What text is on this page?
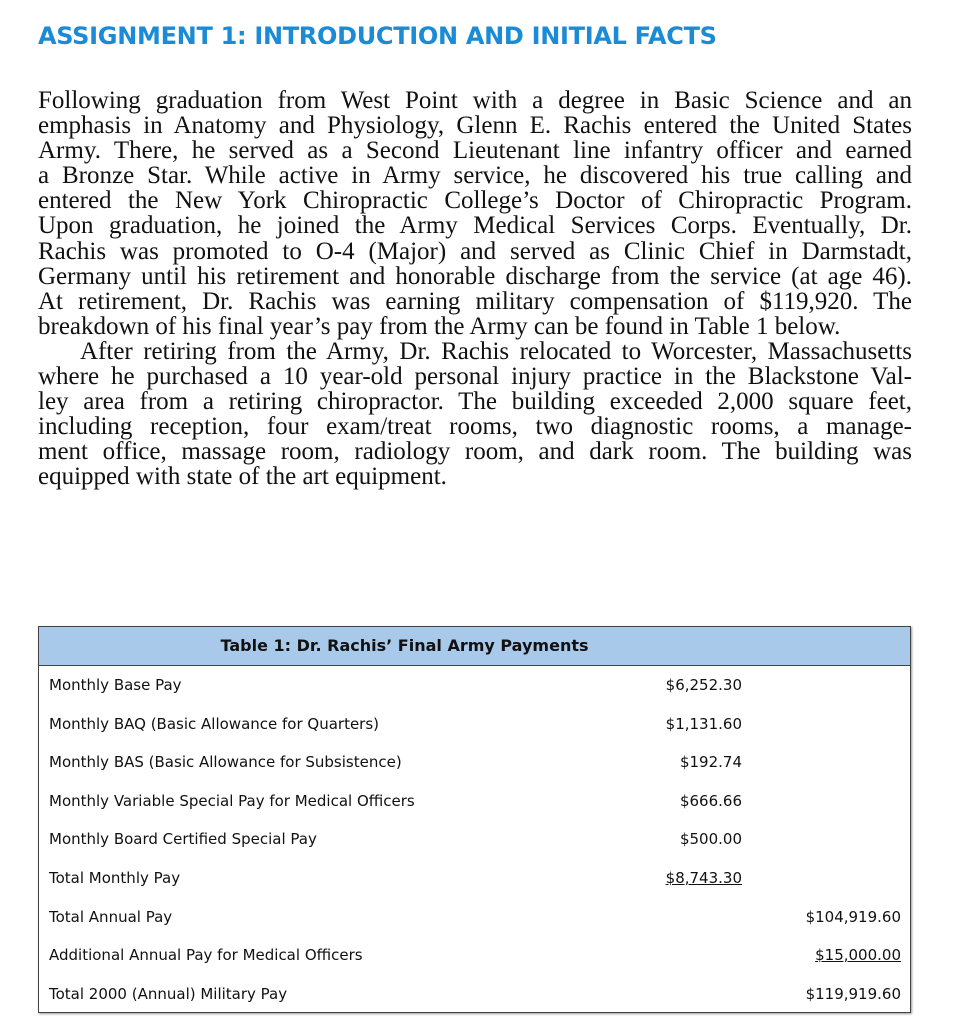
ASSIGNMENT 1: INTRODUCTION AND INITIAL FACTS
Following graduation from West Point with a degree in Basic Science and an
emphasis in Anatomy and Physiology, Glenn E. Rachis entered the United States
Army. There, he served as a Second Lieutenant line infantry officer and earned
a Bronze Star. While active in Army service, he discovered his true calling and
entered the New York Chiropractic College’s Doctor of Chiropractic Program.
Upon graduation, he joined the Army Medical Services Corps. Eventually, Dr.
Rachis was promoted to O-4 (Major) and served as Clinic Chief in Darmstadt,
Germany until his retirement and honorable discharge from the service (at age 46).
At retirement, Dr. Rachis was earning military compensation of $119,920. The
breakdown of his final year’s pay from the Army can be found in Table 1 below.
After retiring from the Army, Dr. Rachis relocated to Worcester, Massachusetts
where he purchased a 10 year-old personal injury practice in the Blackstone Val-
ley area from a retiring chiropractor. The building exceeded 2,000 square feet,
including reception, four exam/treat rooms, two diagnostic rooms, a manage-
ment office, massage room, radiology room, and dark room. The building was
equipped with state of the art equipment.
Table 1: Dr. Rachis’ Final Army Payments
Monthly Base Pay	$6,252.30
Monthly BAQ (Basic Allowance for Quarters)	$1,131.60
Monthly BAS (Basic Allowance for Subsistence)	$192.74
Monthly Variable Special Pay for Medical Officers	$666.66
Monthly Board Certified Special Pay	$500.00
Total Monthly Pay	$8,743.30
Total Annual Pay	$104,919.60
Additional Annual Pay for Medical Officers	$15,000.00
Total 2000 (Annual) Military Pay	$119,919.60
